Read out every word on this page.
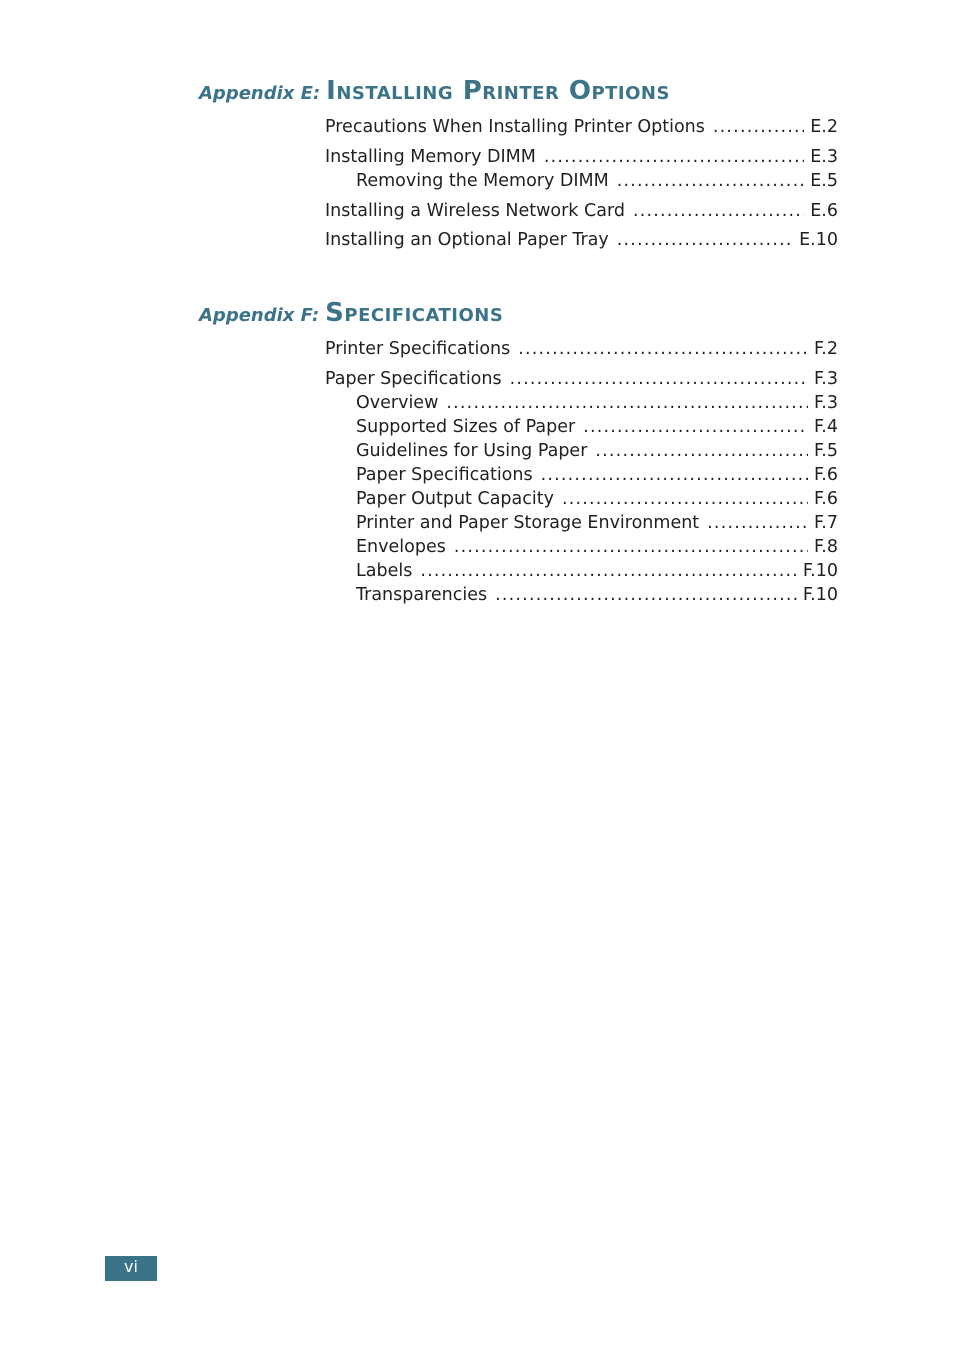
Appendix E: Installing Printer Options
Precautions When Installing Printer Options .....	E.2
Installing Memory DIMM .....	E.3
Removing the Memory DIMM .....	E.5
Installing a Wireless Network Card .....	E.6
Installing an Optional Paper Tray .....	E.10
Appendix F: Specifications
Printer Specifications .....	F.2
Paper Specifications .....	F.3
Overview .....	F.3
Supported Sizes of Paper .....	F.4
Guidelines for Using Paper .....	F.5
Paper Specifications .....	F.6
Paper Output Capacity .....	F.6
Printer and Paper Storage Environment .....	F.7
Envelopes .....	F.8
Labels .....	F.10
Transparencies .....	F.10
vi
